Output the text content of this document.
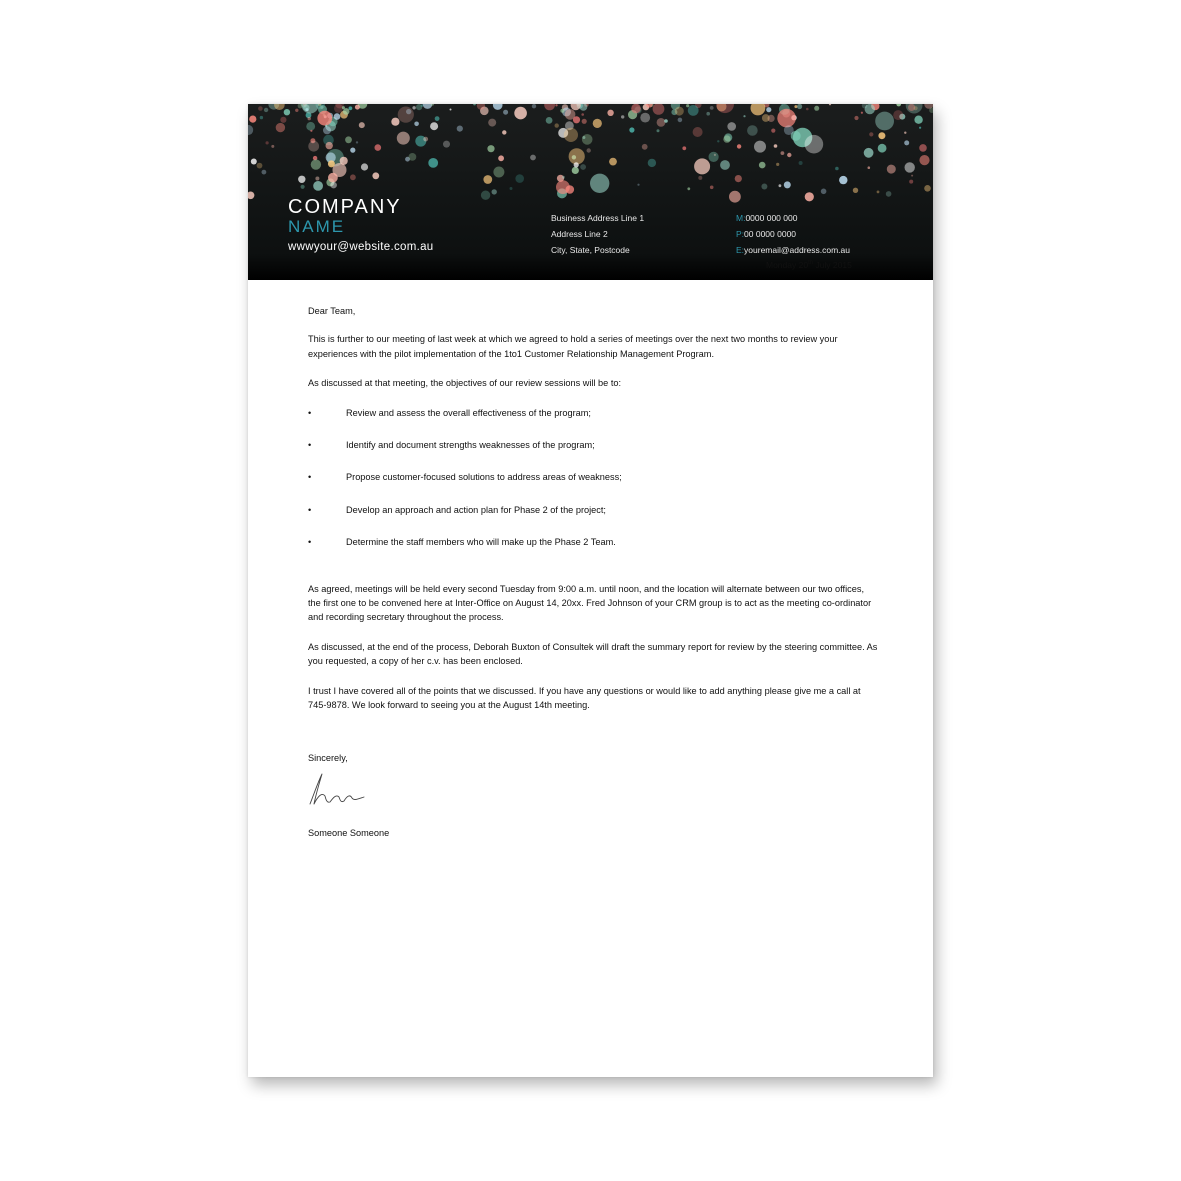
COMPANY
NAME
wwwyour@website.com.au
Business Address Line 1
Address Line 2
City, State, Postcode
M:0000 000 000
P:00 0000 0000
E:youremail@address.com.au
Monday 20th July 2015

Dear Team,

This is further to our meeting of last week at which we agreed to hold a series of meetings over the next two months to review your experiences with the pilot implementation of the 1to1 Customer Relationship Management Program.

As discussed at that meeting, the objectives of our review sessions will be to:

•	Review and assess the overall effectiveness of the program;
•	Identify and document strengths weaknesses of the program;
•	Propose customer-focused solutions to address areas of weakness;
•	Develop an approach and action plan for Phase 2 of the project;
•	Determine the staff members who will make up the Phase 2 Team.

As agreed, meetings will be held every second Tuesday from 9:00 a.m. until noon, and the location will alternate between our two offices, the first one to be convened here at Inter-Office on August 14, 20xx. Fred Johnson of your CRM group is to act as the meeting co-ordinator and recording secretary throughout the process.

As discussed, at the end of the process, Deborah Buxton of Consultek will draft the summary report for review by the steering committee. As you requested, a copy of her c.v. has been enclosed.

I trust I have covered all of the points that we discussed. If you have any questions or would like to add anything please give me a call at 745-9878. We look forward to seeing you at the August 14th meeting.

Sincerely,
Someone Someone
